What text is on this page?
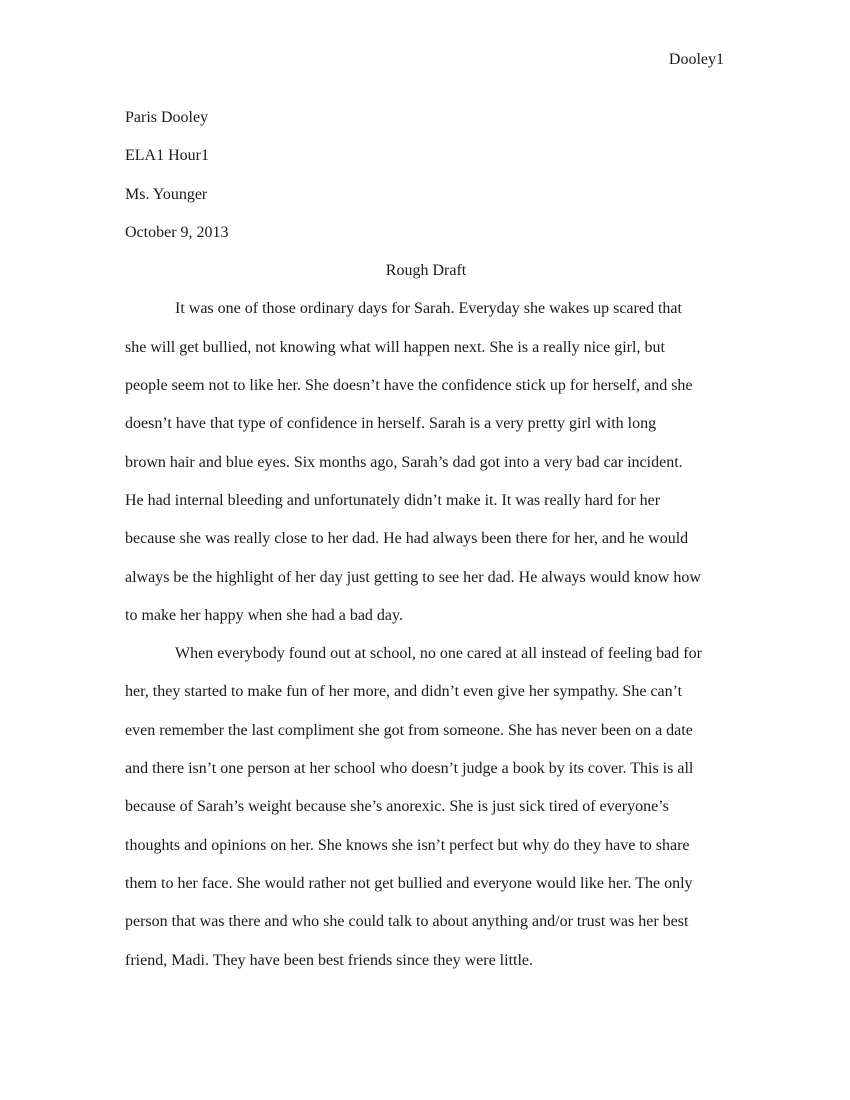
Dooley1

Paris Dooley

ELA1 Hour1

Ms. Younger

October 9, 2013

Rough Draft

It was one of those ordinary days for Sarah. Everyday she wakes up scared that
she will get bullied, not knowing what will happen next. She is a really nice girl, but
people seem not to like her. She doesn’t have the confidence stick up for herself, and she
doesn’t have that type of confidence in herself. Sarah is a very pretty girl with long
brown hair and blue eyes. Six months ago, Sarah’s dad got into a very bad car incident.
He had internal bleeding and unfortunately didn’t make it. It was really hard for her
because she was really close to her dad. He had always been there for her, and he would
always be the highlight of her day just getting to see her dad. He always would know how
to make her happy when she had a bad day.
When everybody found out at school, no one cared at all instead of feeling bad for
her, they started to make fun of her more, and didn’t even give her sympathy. She can’t
even remember the last compliment she got from someone. She has never been on a date
and there isn’t one person at her school who doesn’t judge a book by its cover. This is all
because of Sarah’s weight because she’s anorexic. She is just sick tired of everyone’s
thoughts and opinions on her. She knows she isn’t perfect but why do they have to share
them to her face. She would rather not get bullied and everyone would like her. The only
person that was there and who she could talk to about anything and/or trust was her best
friend, Madi. They have been best friends since they were little.
